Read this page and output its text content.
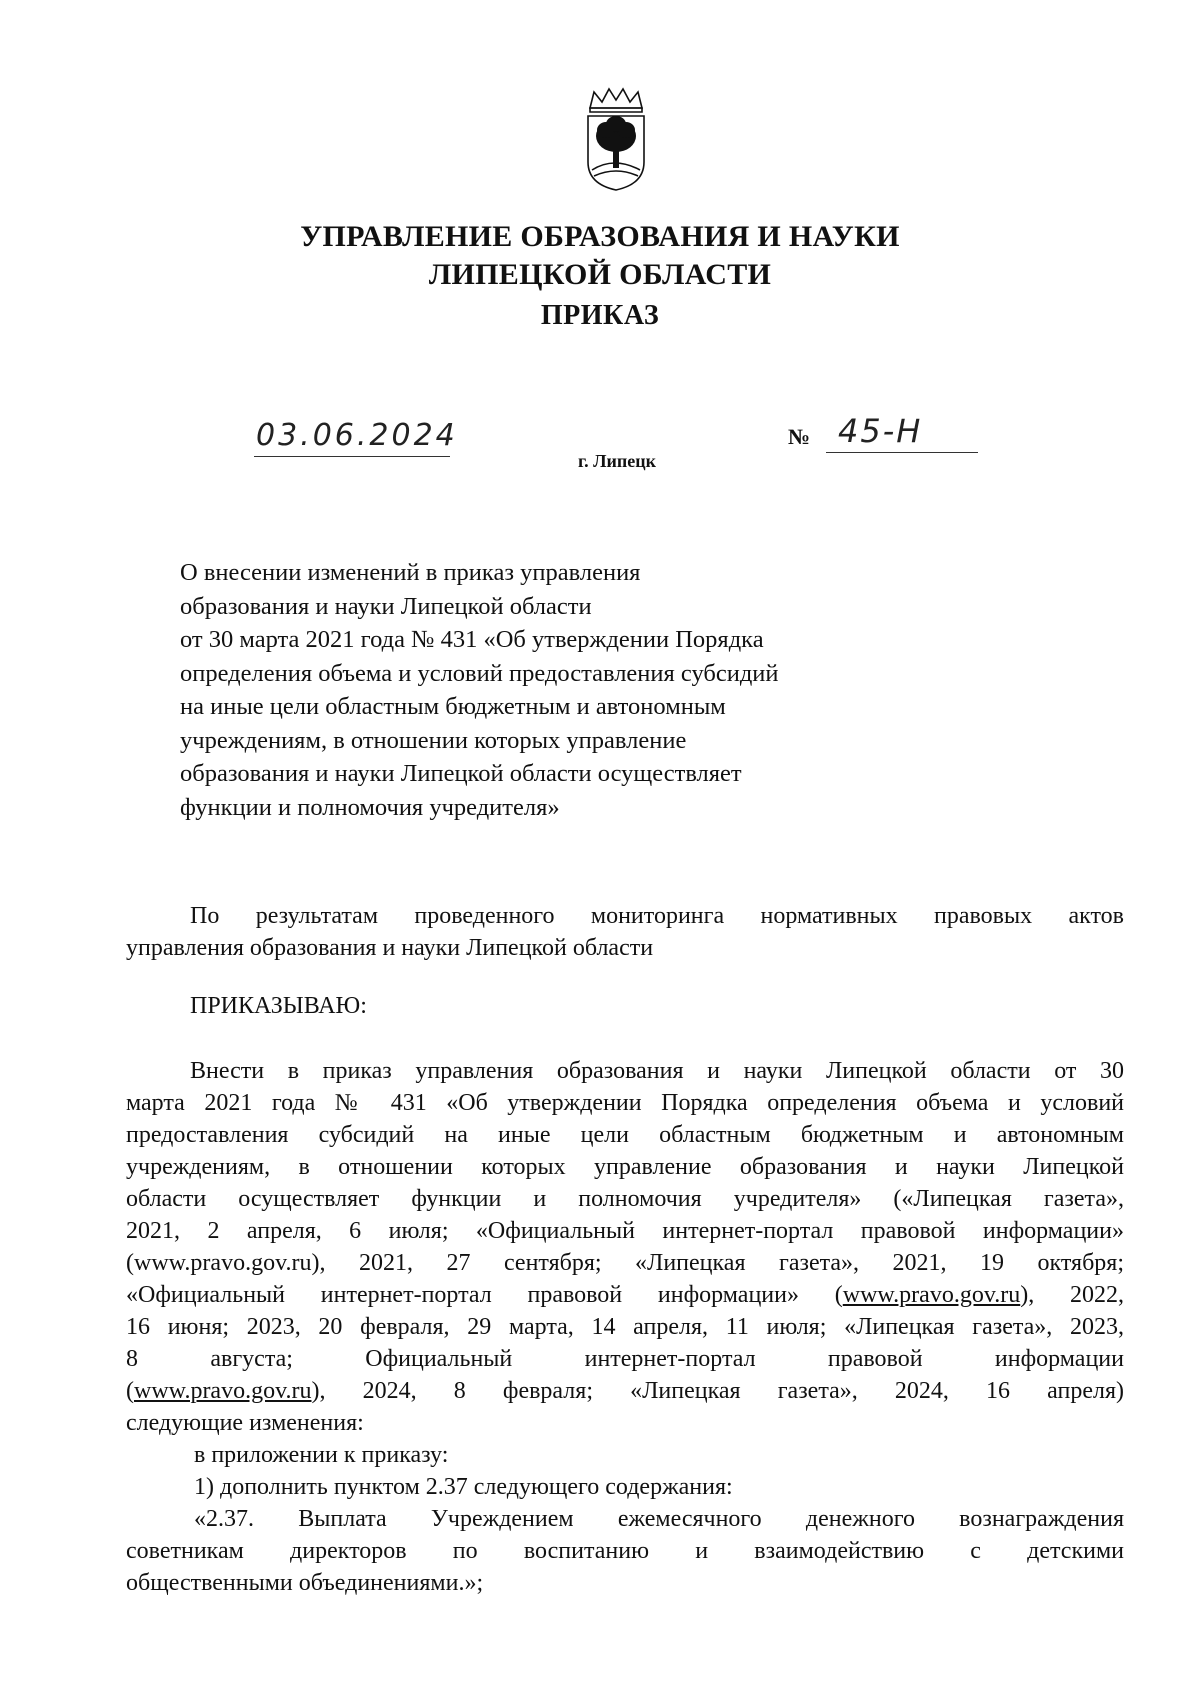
УПРАВЛЕНИЕ ОБРАЗОВАНИЯ И НАУКИ
ЛИПЕЦКОЙ ОБЛАСТИ
ПРИКАЗ
03.06.2024	№ 45-Н
г. Липецк
О внесении изменений в приказ управления
образования и науки Липецкой области
от 30 марта 2021 года № 431 «Об утверждении Порядка
определения объема и условий предоставления субсидий
на иные цели областным бюджетным и автономным
учреждениям, в отношении которых управление
образования и науки Липецкой области осуществляет
функции и полномочия учредителя»
По результатам проведенного мониторинга нормативных правовых актов
управления образования и науки Липецкой области
ПРИКАЗЫВАЮ:
Внести в приказ управления образования и науки Липецкой области от 30
марта 2021 года № 431 «Об утверждении Порядка определения объема и условий
предоставления субсидий на иные цели областным бюджетным и автономным
учреждениям, в отношении которых управление образования и науки Липецкой
области осуществляет функции и полномочия учредителя» («Липецкая газета»,
2021, 2 апреля, 6 июля; «Официальный интернет-портал правовой информации»
(www.pravo.gov.ru), 2021, 27 сентября; «Липецкая газета», 2021, 19 октября;
«Официальный интернет-портал правовой информации» (www.pravo.gov.ru), 2022,
16 июня; 2023, 20 февраля, 29 марта, 14 апреля, 11 июля; «Липецкая газета», 2023,
8 августа; Официальный интернет-портал правовой информации
(www.pravo.gov.ru), 2024, 8 февраля; «Липецкая газета», 2024, 16 апреля)
следующие изменения:
в приложении к приказу:
1) дополнить пунктом 2.37 следующего содержания:
«2.37. Выплата Учреждением ежемесячного денежного вознаграждения
советникам директоров по воспитанию и взаимодействию с детскими
общественными объединениями.»;
